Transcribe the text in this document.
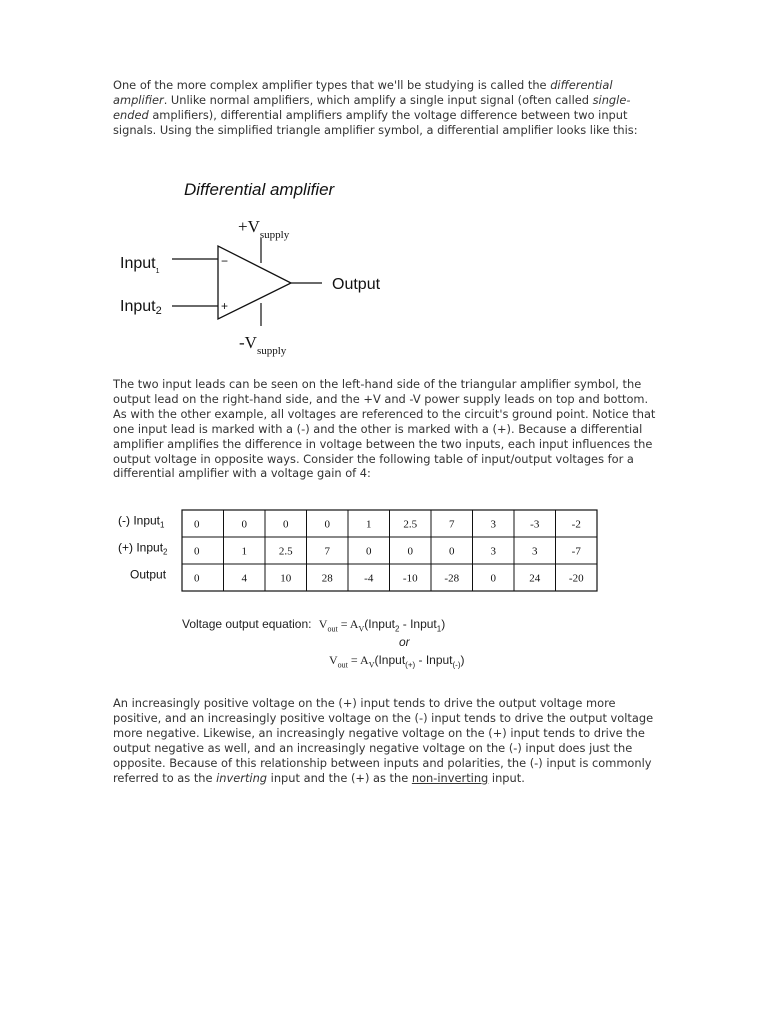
One of the more complex amplifier types that we'll be studying is called the differential amplifier. Unlike normal amplifiers, which amplify a single input signal (often called single-ended amplifiers), differential amplifiers amplify the voltage difference between two input signals. Using the simplified triangle amplifier symbol, a differential amplifier looks like this:

Differential amplifier
$+V_{supply}$
−
+
Input$_1$
Input2
Output
$-V_{supply}$

The two input leads can be seen on the left-hand side of the triangular amplifier symbol, the output lead on the right-hand side, and the +V and -V power supply leads on top and bottom. As with the other example, all voltages are referenced to the circuit's ground point. Notice that one input lead is marked with a (-) and the other is marked with a (+). Because a differential amplifier amplifies the difference in voltage between the two inputs, each input influences the output voltage in opposite ways. Consider the following table of input/output voltages for a differential amplifier with a voltage gain of 4:

(-) Input$_1$	0	0	0	0	1	2.5	7	3	-3	-2
(+) Input$_2$ 0	1	2.5	7	0	0	0	3	3	-7
Output	0	4	10	28	-4	-10 -28	0	24	-20
Voltage output equation: $V_{out}$ = $A_V(Input_2$ - Input$_1$)
or
$V_{out}$ = $A_V(Input_{(+)}$ - Input$_{(-)}$)

An increasingly positive voltage on the (+) input tends to drive the output voltage more positive, and an increasingly positive voltage on the (-) input tends to drive the output voltage more negative. Likewise, an increasingly negative voltage on the (+) input tends to drive the output negative as well, and an increasingly negative voltage on the (-) input does just the opposite. Because of this relationship between inputs and polarities, the (-) input is commonly referred to as the inverting input and the (+) as the non-inverting input.
